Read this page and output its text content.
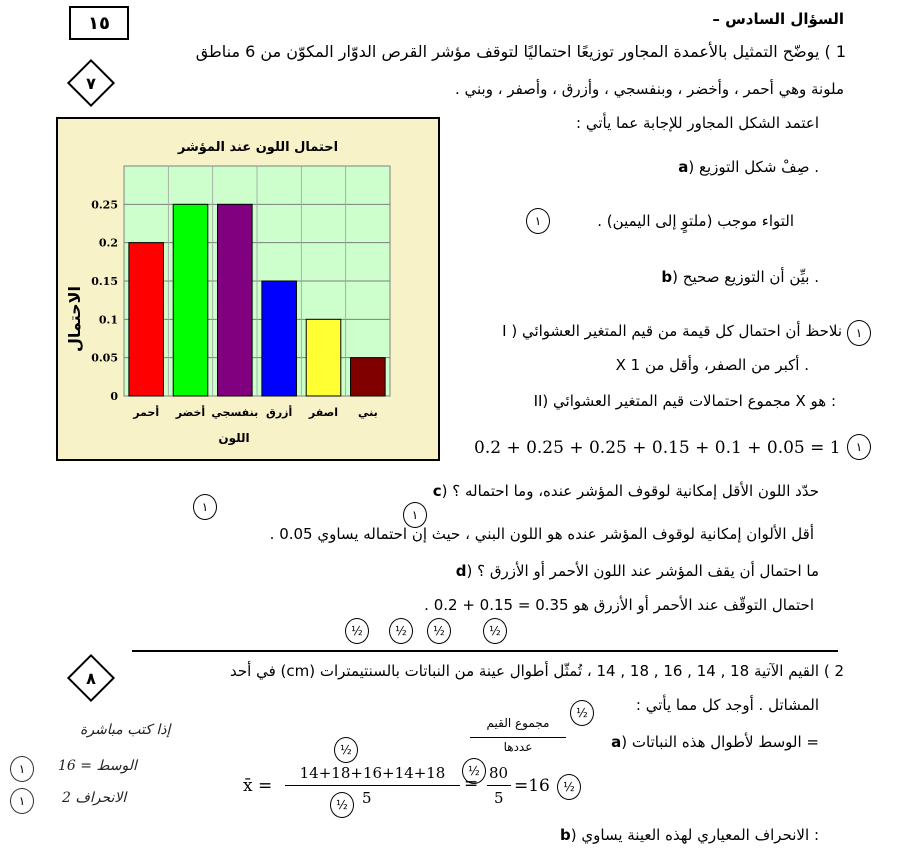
١٥	السؤال السادس –
٧
1 ) يوضّح التمثيل بالأعمدة المجاور توزيعًا احتماليًا لتوقف مؤشر القرص الدوّار المكوّن من 6 مناطق
ملونة وهي أحمر ، وأخضر ، وبنفسجي ، وأزرق ، وأصفر ، وبني .
اعتمد الشكل المجاور للإجابة عما يأتي :
احتمال اللون عند المؤشر
0
0.05
0.1
0.15
0.2
0.25
أحمر أخضر بنفسجي أزرق اصفر بني
الاحتمال
اللون
a) صِفْ شكل التوزيع .
التواء موجب (ملتوٍ إلى اليمين) .
١
b) بيِّن أن التوزيع صحيح .
١
I ) نلاحظ أن احتمال كل قيمة من قيم المتغير العشوائي
X أكبر من الصفر، وأقل من 1 .
II) مجموع احتمالات قيم المتغير العشوائي X هو :
0.2 + 0.25 + 0.25 + 0.15 + 0.1 + 0.05 = 1 ١
١
c) حدّد اللون الأقل إمكانية لوقوف المؤشر عنده، وما احتماله ؟
١
أقل الألوان إمكانية لوقوف المؤشر عنده هو اللون البني ، حيث إن احتماله يساوي 0.05 .
d) ما احتمال أن يقف المؤشر عند اللون الأحمر أو الأزرق ؟
احتمال التوقّف عند الأحمر أو الأزرق هو 0.35 = 0.15 + 0.2 .
½	½ ½	½
٨	2 ) القيم الآتية 18 , 14 , 16 , 18 , 14 ، تُمثّل أطوال عينة من النباتات بالسنتيمترات (cm) في أحد
المشاتل . أوجد كل مما يأتي :
½
مجموع القيم
عددها	a) الوسط لأطوال هذه النباتات =
½
½
x̄ =
14+18+16+14+18
5
½
=
80
5
=16 ½
b) الانحراف المعياري لهذه العينة يساوي :
إذا كتب مباشرة
الوسط = 16
الانحراف 2
١
١
